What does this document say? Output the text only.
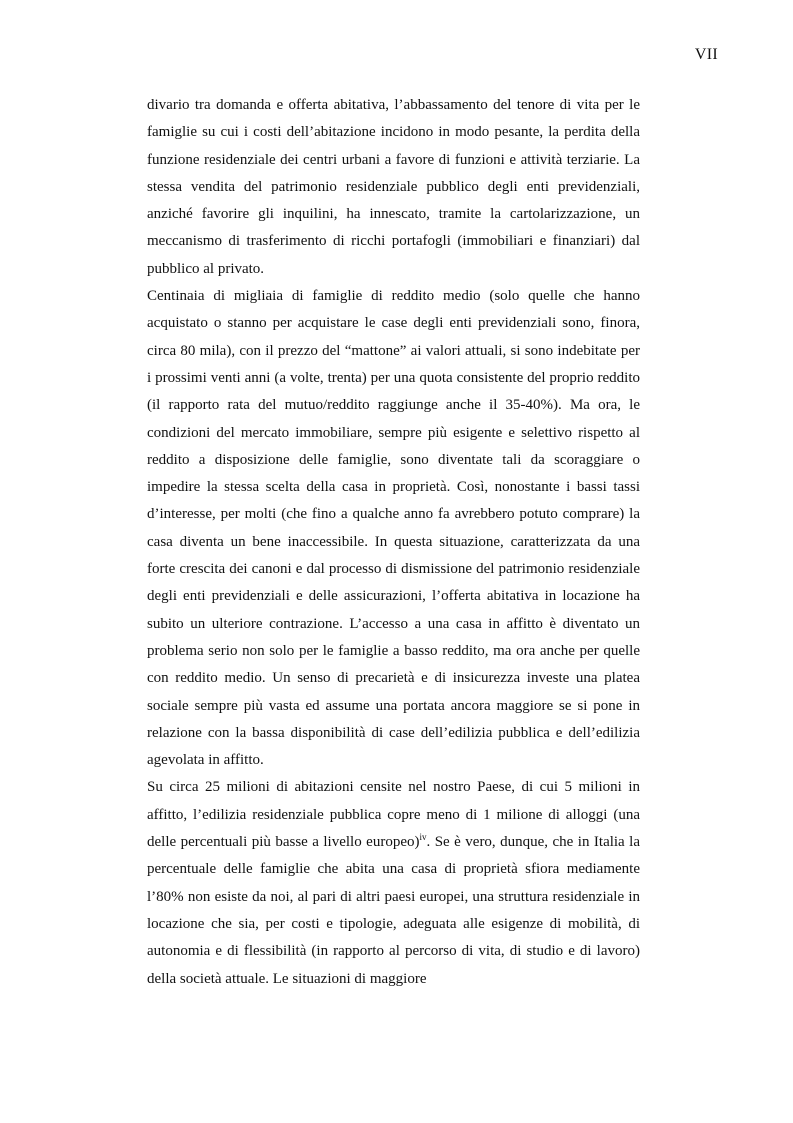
VII

divario tra domanda e offerta abitativa, l’abbassamento del tenore di vita per le famiglie su cui i costi dell’abitazione incidono in modo pesante, la perdita della funzione residenziale dei centri urbani a favore di funzioni e attività terziarie. La stessa vendita del patrimonio residenziale pubblico degli enti previdenziali, anziché favorire gli inquilini, ha innescato, tramite la cartolarizzazione, un meccanismo di trasferimento di ricchi portafogli (immobiliari e finanziari) dal pubblico al privato.

Centinaia di migliaia di famiglie di reddito medio (solo quelle che hanno acquistato o stanno per acquistare le case degli enti previdenziali sono, finora, circa 80 mila), con il prezzo del “mattone” ai valori attuali, si sono indebitate per i prossimi venti anni (a volte, trenta) per una quota consistente del proprio reddito (il rapporto rata del mutuo/reddito raggiunge anche il 35-40%). Ma ora, le condizioni del mercato immobiliare, sempre più esigente e selettivo rispetto al reddito a disposizione delle famiglie, sono diventate tali da scoraggiare o impedire la stessa scelta della casa in proprietà. Così, nonostante i bassi tassi d’interesse, per molti (che fino a qualche anno fa avrebbero potuto comprare) la casa diventa un bene inaccessibile. In questa situazione, caratterizzata da una forte crescita dei canoni e dal processo di dismissione del patrimonio residenziale degli enti previdenziali e delle assicurazioni, l’offerta abitativa in locazione ha subito un ulteriore contrazione. L’accesso a una casa in affitto è diventato un problema serio non solo per le famiglie a basso reddito, ma ora anche per quelle con reddito medio. Un senso di precarietà e di insicurezza investe una platea sociale sempre più vasta ed assume una portata ancora maggiore se si pone in relazione con la bassa disponibilità di case dell’edilizia pubblica e dell’edilizia agevolata in affitto.

Su circa 25 milioni di abitazioni censite nel nostro Paese, di cui 5 milioni in affitto, l’edilizia residenziale pubblica copre meno di 1 milione di alloggi (una delle percentuali più basse a livello europeo)$^{iv}$. Se è vero, dunque, che in Italia la percentuale delle famiglie che abita una casa di proprietà sfiora mediamente l’80% non esiste da noi, al pari di altri paesi europei, una struttura residenziale in locazione che sia, per costi e tipologie, adeguata alle esigenze di mobilità, di autonomia e di flessibilità (in rapporto al percorso di vita, di studio e di lavoro) della società attuale. Le situazioni di maggiore
